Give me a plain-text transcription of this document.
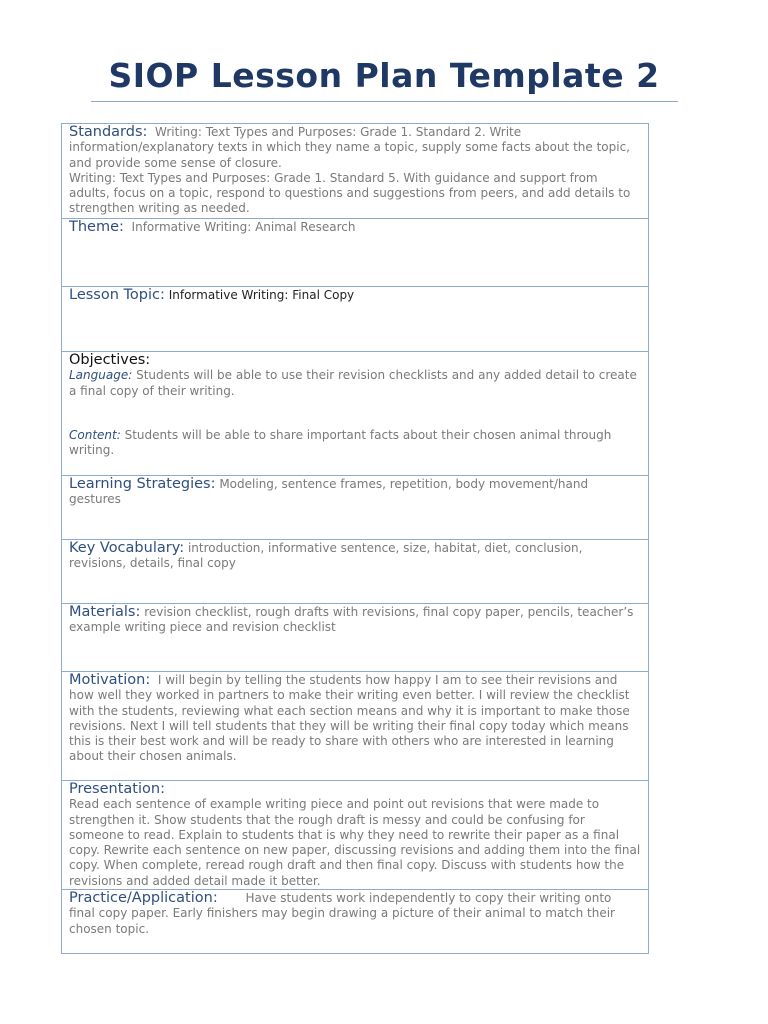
SIOP Lesson Plan Template 2
Standards: Writing: Text Types and Purposes: Grade 1. Standard 2. Write information/explanatory texts in which they name a topic, supply some facts about the topic, and provide some sense of closure.
Writing: Text Types and Purposes: Grade 1. Standard 5. With guidance and support from adults, focus on a topic, respond to questions and suggestions from peers, and add details to strengthen writing as needed.
Theme: Informative Writing: Animal Research
Lesson Topic: Informative Writing: Final Copy
Objectives:
Language: Students will be able to use their revision checklists and any added detail to create a final copy of their writing.
Content: Students will be able to share important facts about their chosen animal through writing.
Learning Strategies: Modeling, sentence frames, repetition, body movement/hand gestures
Key Vocabulary: introduction, informative sentence, size, habitat, diet, conclusion, revisions, details, final copy
Materials: revision checklist, rough drafts with revisions, final copy paper, pencils, teacher’s example writing piece and revision checklist
Motivation: I will begin by telling the students how happy I am to see their revisions and how well they worked in partners to make their writing even better. I will review the checklist with the students, reviewing what each section means and why it is important to make those revisions. Next I will tell students that they will be writing their final copy today which means this is their best work and will be ready to share with others who are interested in learning about their chosen animals.
Presentation:
Read each sentence of example writing piece and point out revisions that were made to strengthen it. Show students that the rough draft is messy and could be confusing for someone to read. Explain to students that is why they need to rewrite their paper as a final copy. Rewrite each sentence on new paper, discussing revisions and adding them into the final copy. When complete, reread rough draft and then final copy. Discuss with students how the revisions and added detail made it better.
Practice/Application: Have students work independently to copy their writing onto final copy paper. Early finishers may begin drawing a picture of their animal to match their chosen topic.
